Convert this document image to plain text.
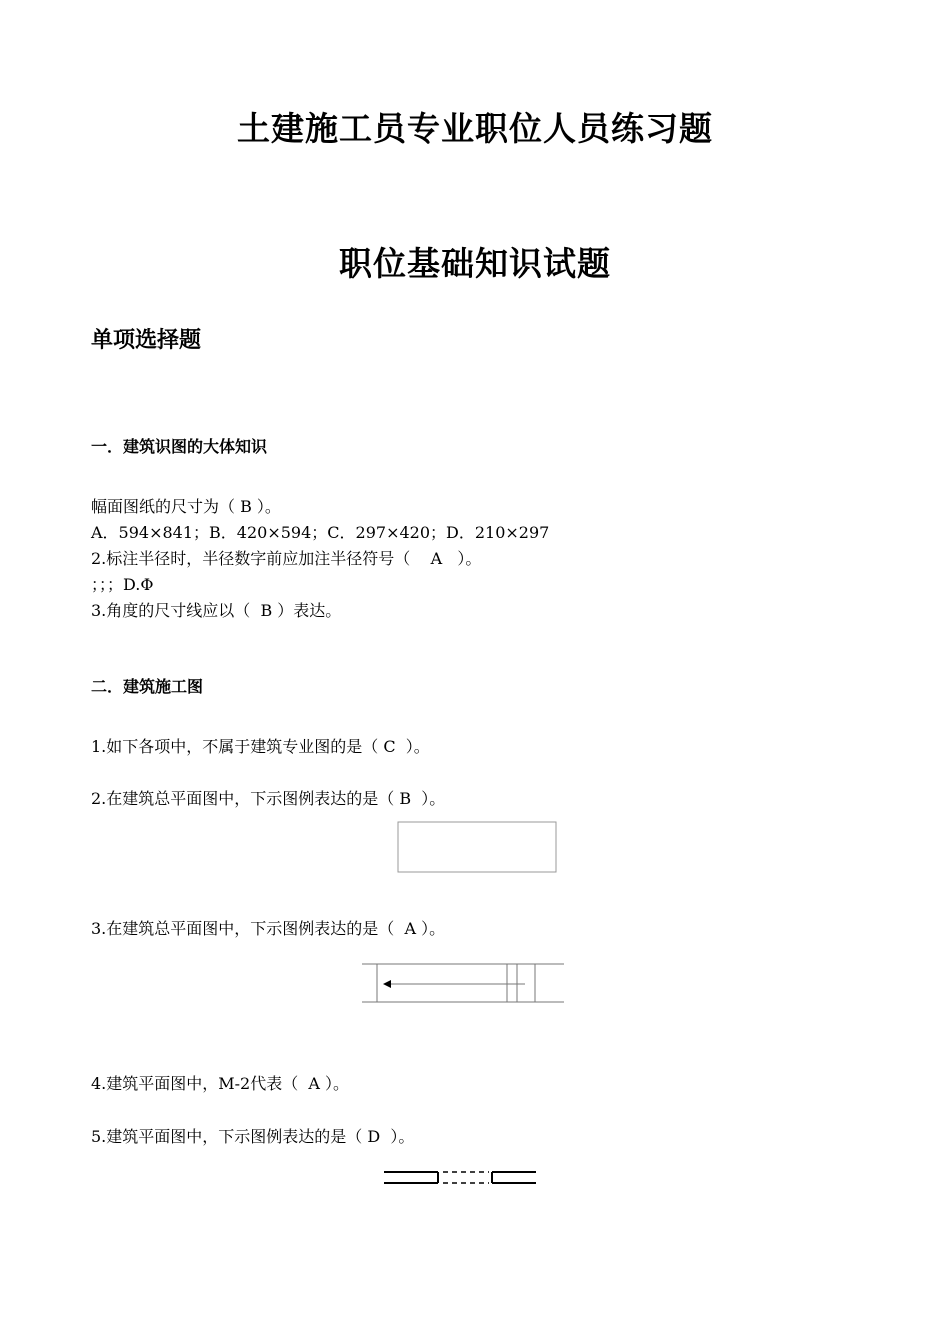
土建施工员专业职位人员练习题
职位基础知识试题
单项选择题
一．建筑识图的大体知识
幅面图纸的尺寸为（ B ）。
A．594×841；B．420×594；C．297×420；D．210×297
2.标注半径时，半径数字前应加注半径符号（    A   ）。
；；；D.Φ
3.角度的尺寸线应以（  B ）表达。
二．建筑施工图
1.如下各项中，不属于建筑专业图的是（ C  ）。
2.在建筑总平面图中，下示图例表达的是（ B  ）。
3.在建筑总平面图中，下示图例表达的是（  A ）。
4.建筑平面图中，M-2代表（  A ）。
5.建筑平面图中，下示图例表达的是（ D  ）。
